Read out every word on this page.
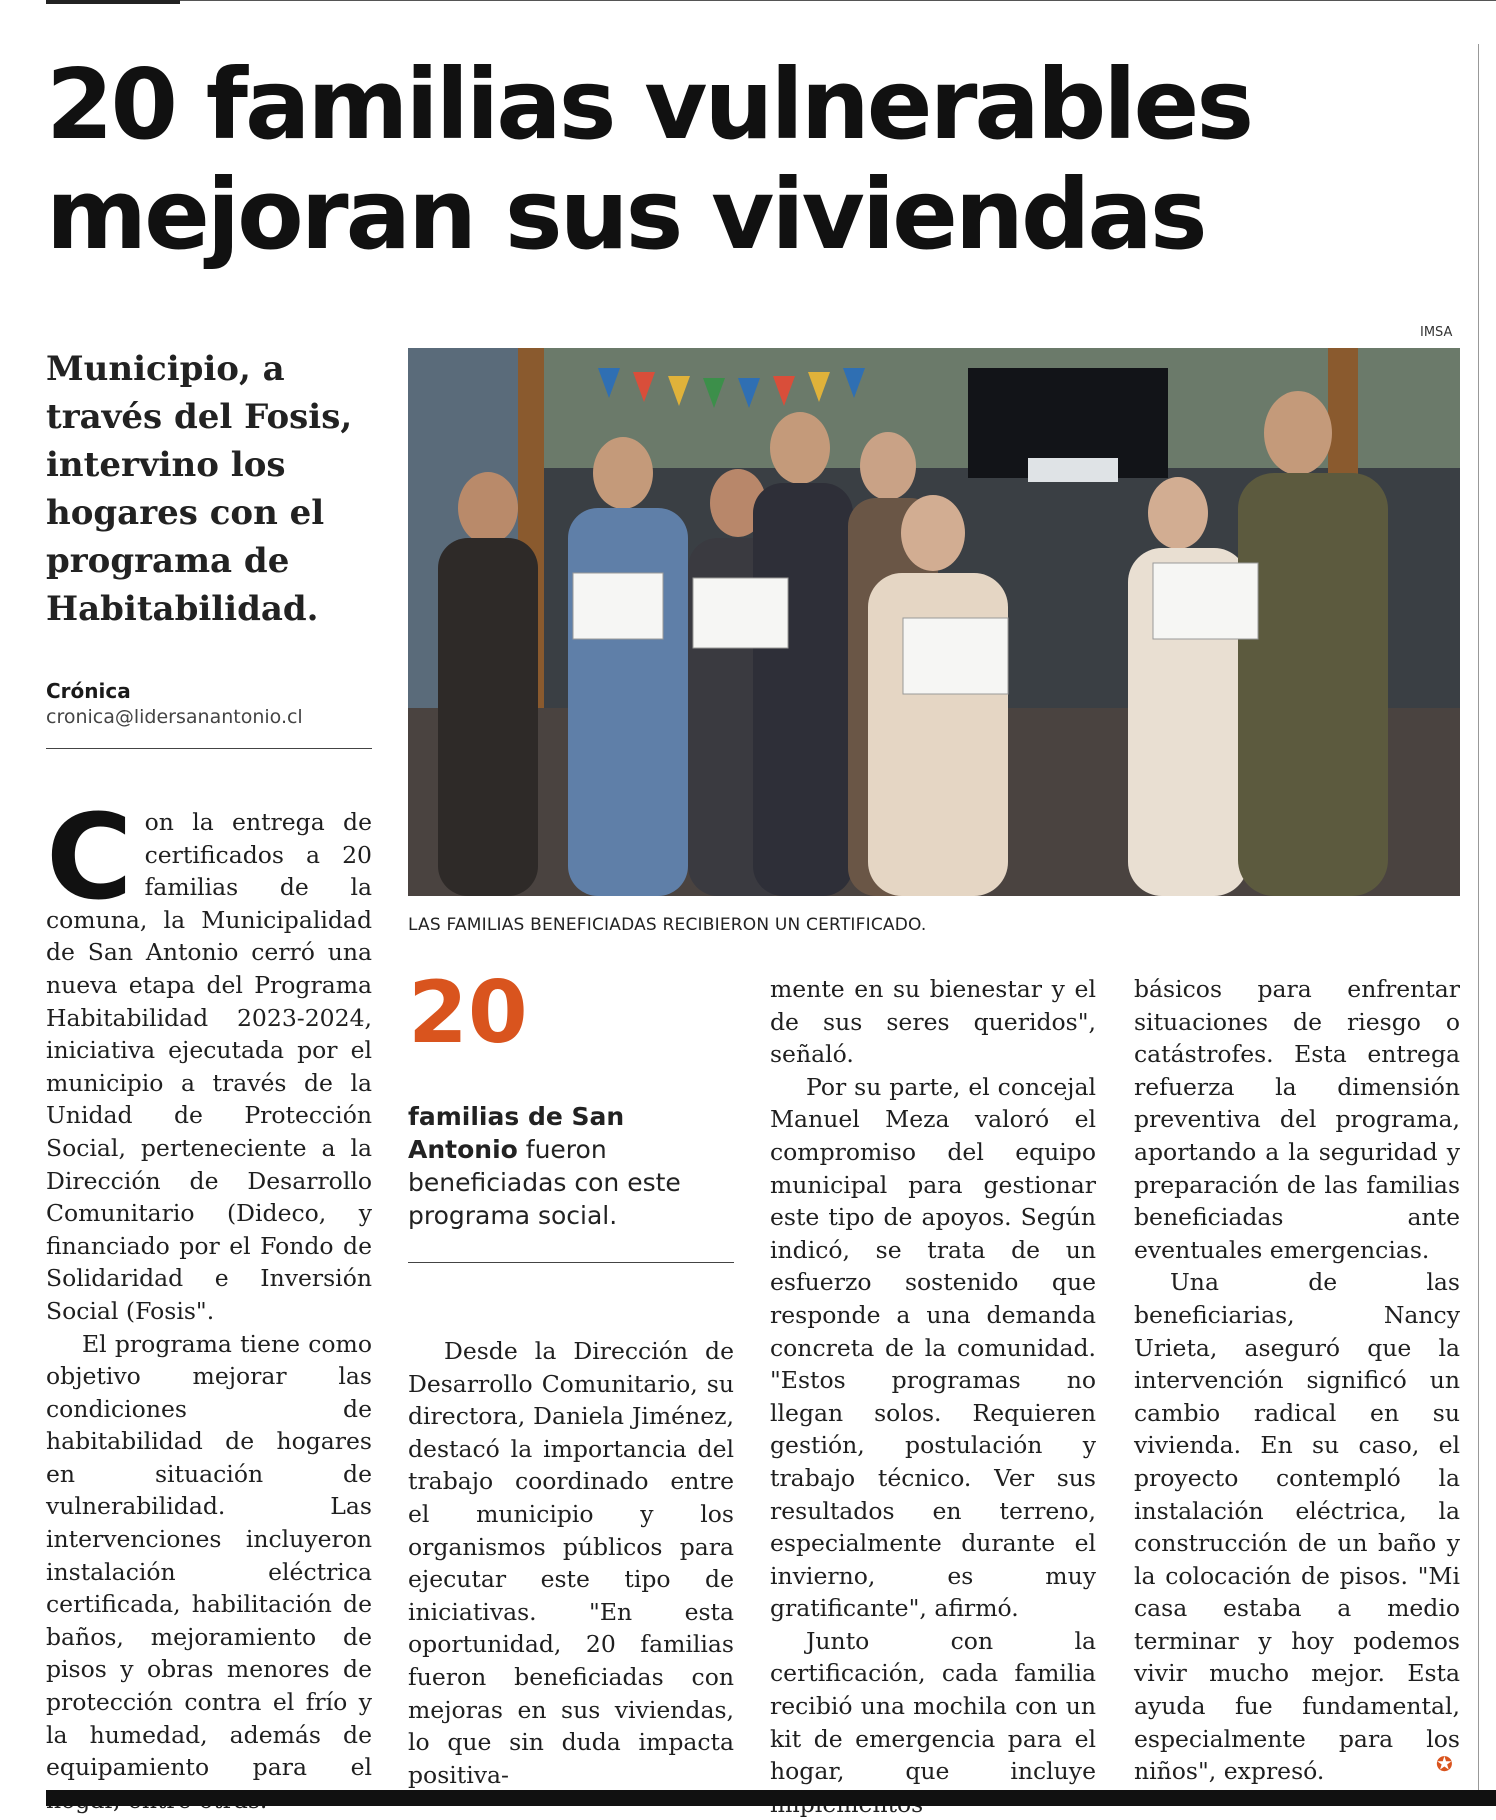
20 familias vulnerables
mejoran sus viviendas
Municipio, a través del Fosis, intervino los hogares con el programa de Habitabilidad.
Crónica
cronica@lidersanantonio.cl
IMSA
LAS FAMILIAS BENEFICIADAS RECIBIERON UN CERTIFICADO.

Con la entrega de certificados a 20 familias de la comuna, la Municipalidad de San Antonio cerró una nueva etapa del Programa Habitabilidad 2023-2024, iniciativa ejecutada por el municipio a través de la Unidad de Protección Social, perteneciente a la Dirección de Desarrollo Comunitario (Dideco, y financiado por el Fondo de Solidaridad e Inversión Social (Fosis".

El programa tiene como objetivo mejorar las condiciones de habitabilidad de hogares en situación de vulnerabilidad. Las intervenciones incluyeron instalación eléctrica certificada, habilitación de baños, mejoramiento de pisos y obras menores de protección contra el frío y la humedad, además de equipamiento para el

20
familias de San Antonio fueron beneficiadas con este programa social.

Desde la Dirección de Desarrollo Comunitario, su directora, Daniela Jiménez, destacó la importancia del trabajo coordinado entre el municipio y los organismos públicos para ejecutar este tipo de iniciativas. "En esta oportunidad, 20 familias fueron beneficiadas con mejoras en sus viviendas, lo que sin duda impacta positiva-

mente en su bienestar y el de sus seres queridos", señaló.

Por su parte, el concejal Manuel Meza valoró el compromiso del equipo municipal para gestionar este tipo de apoyos. Según indicó, se trata de un esfuerzo sostenido que responde a una demanda concreta de la comunidad. "Estos programas no llegan solos. Requieren gestión, postulación y trabajo técnico. Ver sus resultados en terreno, especialmente durante el invierno, es muy gratificante", afirmó.

Junto con la certificación, cada familia recibió una mochila con un kit de emergencia para el hogar, que incluye

básicos para enfrentar situaciones de riesgo o catástrofes. Esta entrega refuerza la dimensión preventiva del programa, aportando a la seguridad y preparación de las familias beneficiadas ante eventuales emergencias.

Una de las beneficiarias, Nancy Urieta, aseguró que la intervención significó un cambio radical en su vivienda. En su caso, el proyecto contempló la instalación eléctrica, la construcción de un baño y la colocación de pisos. "Mi casa estaba a medio terminar y hoy podemos vivir mucho mejor. Esta ayuda fue fundamental, especialmente para los niños", expresó.	✪
